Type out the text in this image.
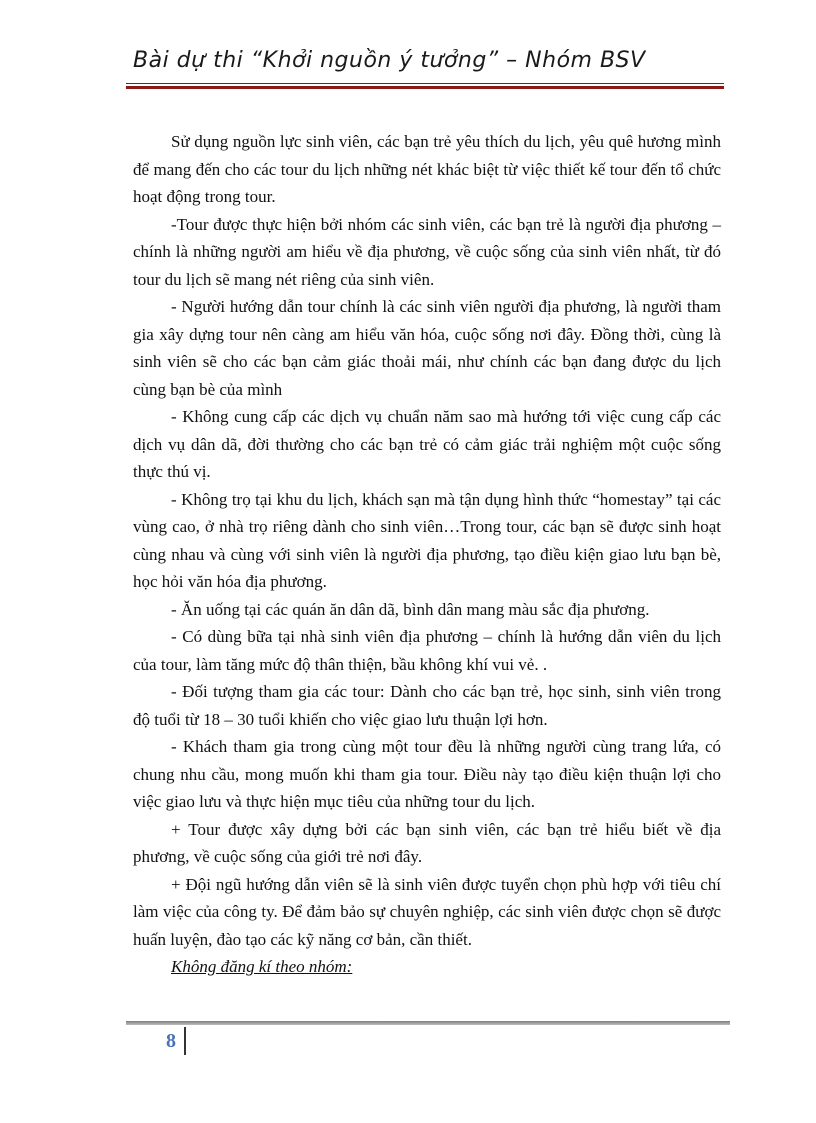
Bài dự thi “Khởi nguồn ý tưởng” – Nhóm BSV

Sử dụng nguồn lực sinh viên, các bạn trẻ yêu thích du lịch, yêu quê hương mình để mang đến cho các tour du lịch những nét khác biệt từ việc thiết kế tour đến tổ chức hoạt động trong tour.

-Tour được thực hiện bởi nhóm các sinh viên, các bạn trẻ là người địa phương – chính là những người am hiểu về địa phương, về cuộc sống của sinh viên nhất, từ đó tour du lịch sẽ mang nét riêng của sinh viên.

- Người hướng dẫn tour chính là các sinh viên người địa phương, là người tham gia xây dựng tour nên càng am hiểu văn hóa, cuộc sống nơi đây. Đồng thời, cùng là sinh viên sẽ cho các bạn cảm giác thoải mái, như chính các bạn đang được du lịch cùng bạn bè của mình

- Không cung cấp các dịch vụ chuẩn năm sao mà hướng tới việc cung cấp các dịch vụ dân dã, đời thường cho các bạn trẻ có cảm giác trải nghiệm một cuộc sống thực thú vị.

- Không trọ tại khu du lịch, khách sạn mà tận dụng hình thức “homestay” tại các vùng cao, ở nhà trọ riêng dành cho sinh viên…Trong tour, các bạn sẽ được sinh hoạt cùng nhau và cùng với sinh viên là người địa phương, tạo điều kiện giao lưu bạn bè, học hỏi văn hóa địa phương.

- Ăn uống tại các quán ăn dân dã, bình dân mang màu sắc địa phương.

- Có dùng bữa tại nhà sinh viên địa phương – chính là hướng dẫn viên du lịch của tour, làm tăng mức độ thân thiện, bầu không khí vui vẻ. .

- Đối tượng tham gia các tour: Dành cho các bạn trẻ, học sinh, sinh viên trong độ tuổi từ 18 – 30 tuổi khiến cho việc giao lưu thuận lợi hơn.

- Khách tham gia trong cùng một tour đều là những người cùng trang lứa, có chung nhu cầu, mong muốn khi tham gia tour. Điều này tạo điều kiện thuận lợi cho việc giao lưu và thực hiện mục tiêu của những tour du lịch.

+ Tour được xây dựng bởi các bạn sinh viên, các bạn trẻ hiểu biết về địa phương, về cuộc sống của giới trẻ nơi đây.

+ Đội ngũ hướng dẫn viên sẽ là sinh viên được tuyển chọn phù hợp với tiêu chí làm việc của công ty. Để đảm bảo sự chuyên nghiệp, các sinh viên được chọn sẽ được huấn luyện, đào tạo các kỹ năng cơ bản, cần thiết.

Không đăng kí theo nhóm:

8
